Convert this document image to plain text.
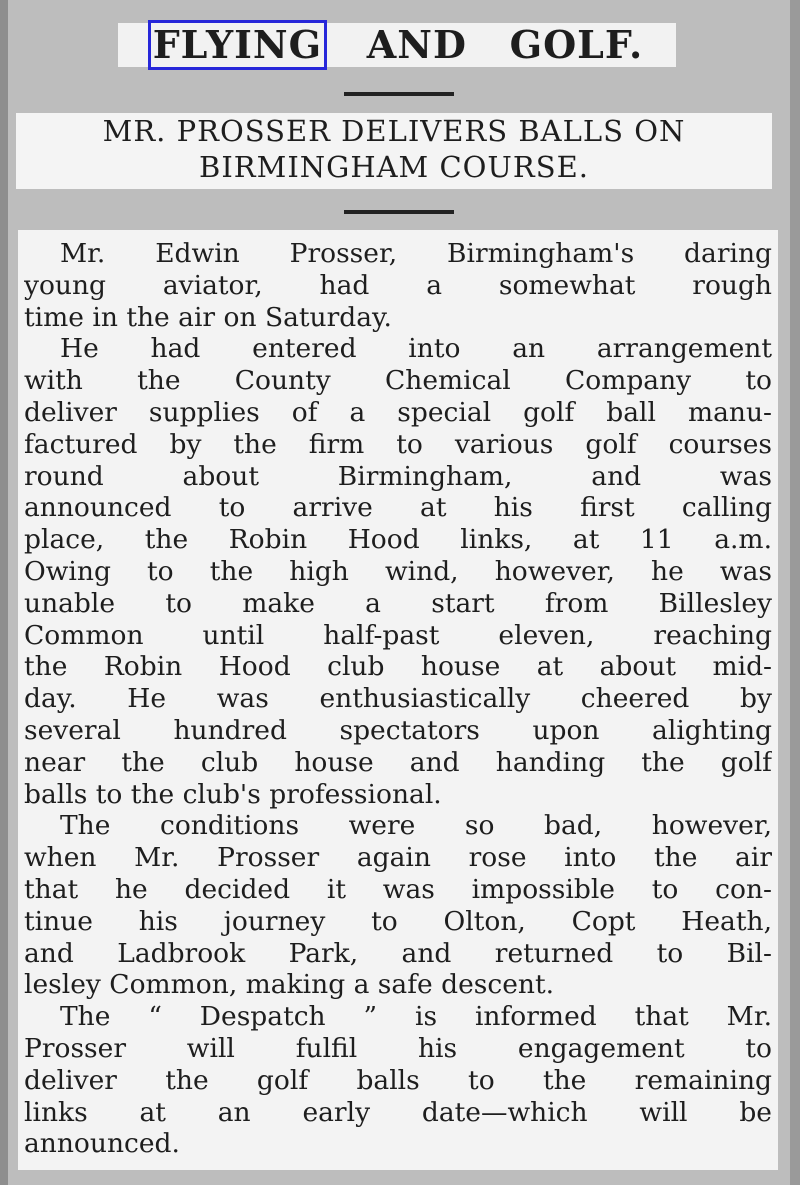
FLYING AND GOLF.
MR. PROSSER DELIVERS BALLS ON
BIRMINGHAM COURSE.
Mr. Edwin Prosser, Birmingham's daring
young aviator, had a somewhat rough
time in the air on Saturday.
He had entered into an arrangement
with the County Chemical Company to
deliver supplies of a special golf ball manu-
factured by the firm to various golf courses
round about Birmingham, and was
announced to arrive at his first calling
place, the Robin Hood links, at 11 a.m.
Owing to the high wind, however, he was
unable to make a start from Billesley
Common until half-past eleven, reaching
the Robin Hood club house at about mid-
day. He was enthusiastically cheered by
several hundred spectators upon alighting
near the club house and handing the golf
balls to the club's professional.
The conditions were so bad, however,
when Mr. Prosser again rose into the air
that he decided it was impossible to con-
tinue his journey to Olton, Copt Heath,
and Ladbrook Park, and returned to Bil-
lesley Common, making a safe descent.
The “ Despatch ” is informed that Mr.
Prosser will fulfil his engagement to
deliver the golf balls to the remaining
links at an early date—which will be
announced.
